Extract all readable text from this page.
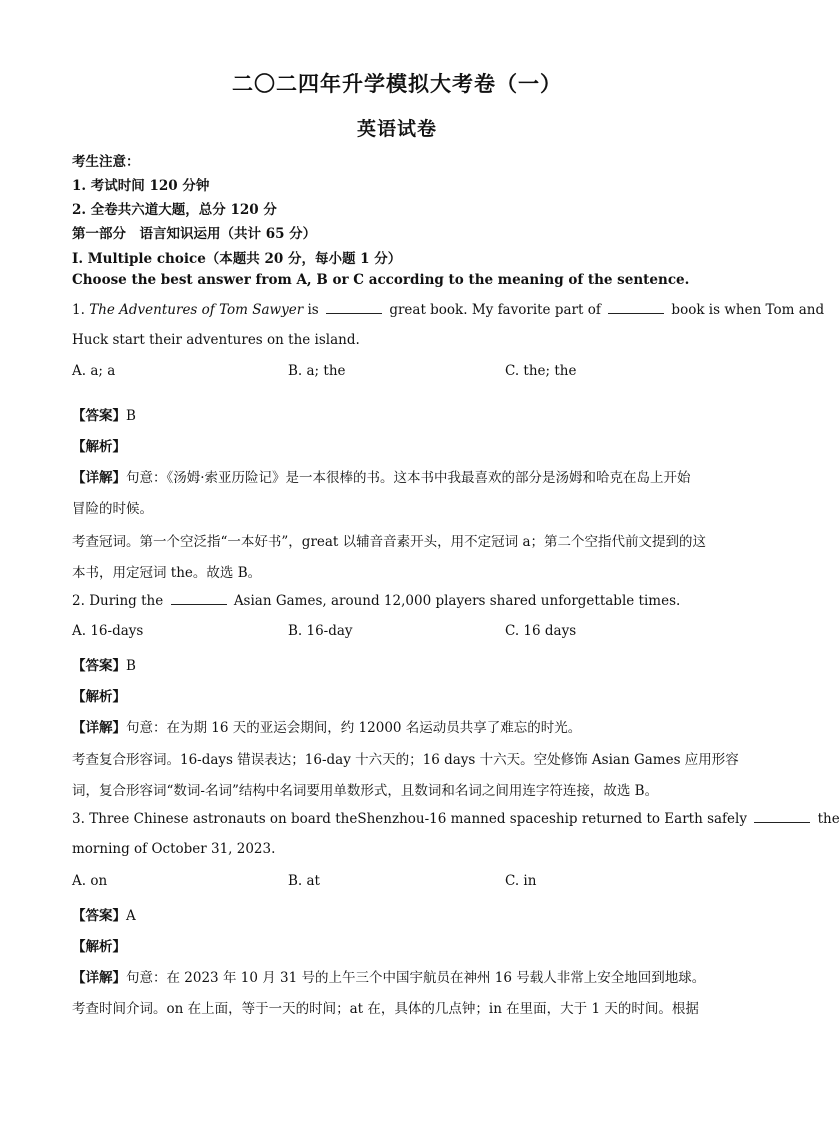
二〇二四年升学模拟大考卷（一）
英语试卷
考生注意：
1. 考试时间 120 分钟
2. 全卷共六道大题，总分 120 分
第一部分　语言知识运用（共计 65 分）
I. Multiple choice（本题共 20 分，每小题 1 分）
Choose the best answer from A, B or C according to the meaning of the sentence.
1. The Adventures of Tom Sawyer is	great book. My favorite part of	book is when Tom and
Huck start their adventures on the island.
A. a; a	B. a; the	C. the; the
【答案】B
【解析】
【详解】句意：《汤姆·索亚历险记》是一本很棒的书。这本书中我最喜欢的部分是汤姆和哈克在岛上开始
冒险的时候。
考查冠词。第一个空泛指“一本好书”，great 以辅音音素开头，用不定冠词 a；第二个空指代前文提到的这
本书，用定冠词 the。故选 B。
2. During the	Asian Games, around 12,000 players shared unforgettable times.
A. 16-days	B. 16-day	C. 16 days
【答案】B
【解析】
【详解】句意：在为期 16 天的亚运会期间，约 12000 名运动员共享了难忘的时光。
考查复合形容词。16-days 错误表达；16-day 十六天的；16 days 十六天。空处修饰 Asian Games 应用形容
词，复合形容词“数词-名词”结构中名词要用单数形式，且数词和名词之间用连字符连接，故选 B。
3. Three Chinese astronauts on board theShenzhou-16 manned spaceship returned to Earth safely	the
morning of October 31, 2023.
A. on	B. at	C. in
【答案】A
【解析】
【详解】句意：在 2023 年 10 月 31 号的上午三个中国宇航员在神州 16 号载人非常上安全地回到地球。
考查时间介词。on 在上面，等于一天的时间；at 在，具体的几点钟；in 在里面，大于 1 天的时间。根据
